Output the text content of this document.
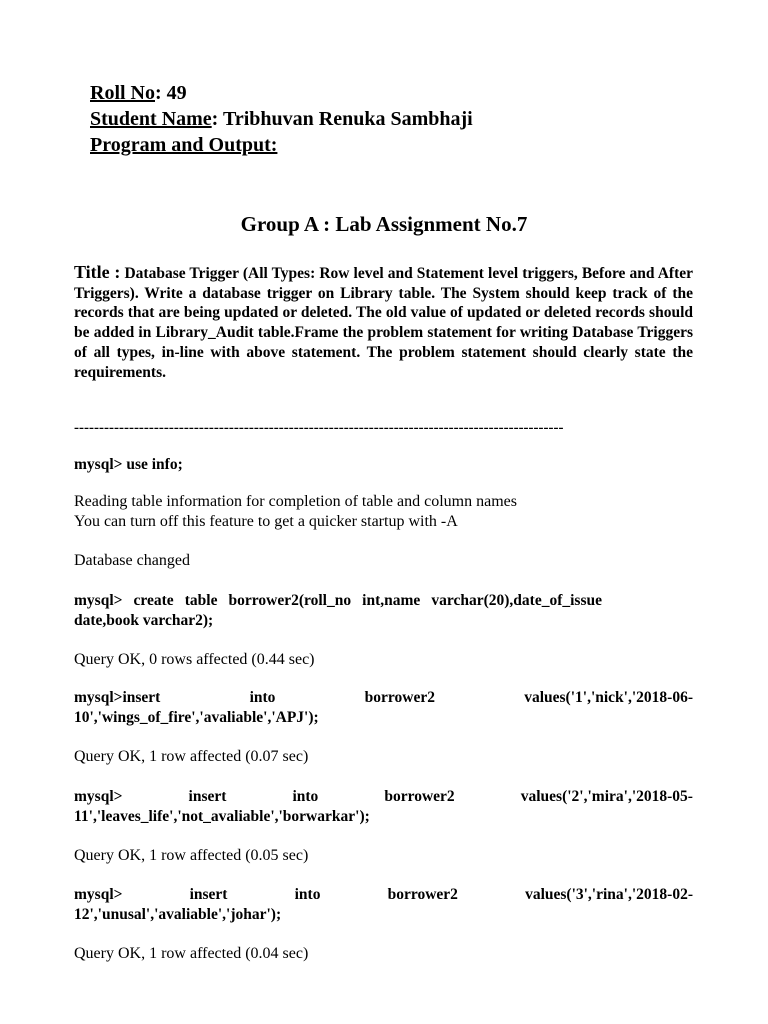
Roll No: 49
Student Name: Tribhuvan Renuka Sambhaji
Program and Output:
Group A : Lab Assignment No.7
Title : Database Trigger (All Types: Row level and Statement level triggers, Before and After Triggers). Write a database trigger on Library table. The System should keep track of the records that are being updated or deleted. The old value of updated or deleted records should be added in Library_Audit table.Frame the problem statement for writing Database Triggers of all types, in-line with above statement. The problem statement should clearly state the requirements.
--------------------------------------------------------------------------------------------------
mysql> use info;
Reading table information for completion of table and column names
You can turn off this feature to get a quicker startup with -A
Database changed
mysql> create table borrower2(roll_no int,name varchar(20),date_of_issue
date,book varchar2);
Query OK, 0 rows affected (0.44 sec)
mysql>insert	into	borrower2	values('1','nick','2018-06-
10','wings_of_fire','avaliable','APJ');
Query OK, 1 row affected (0.07 sec)
mysql>	insert	into	borrower2	values('2','mira','2018-05-
11','leaves_life','not_avaliable','borwarkar');
Query OK, 1 row affected (0.05 sec)
mysql>	insert	into	borrower2	values('3','rina','2018-02-
12','unusal','avaliable','johar');
Query OK, 1 row affected (0.04 sec)
